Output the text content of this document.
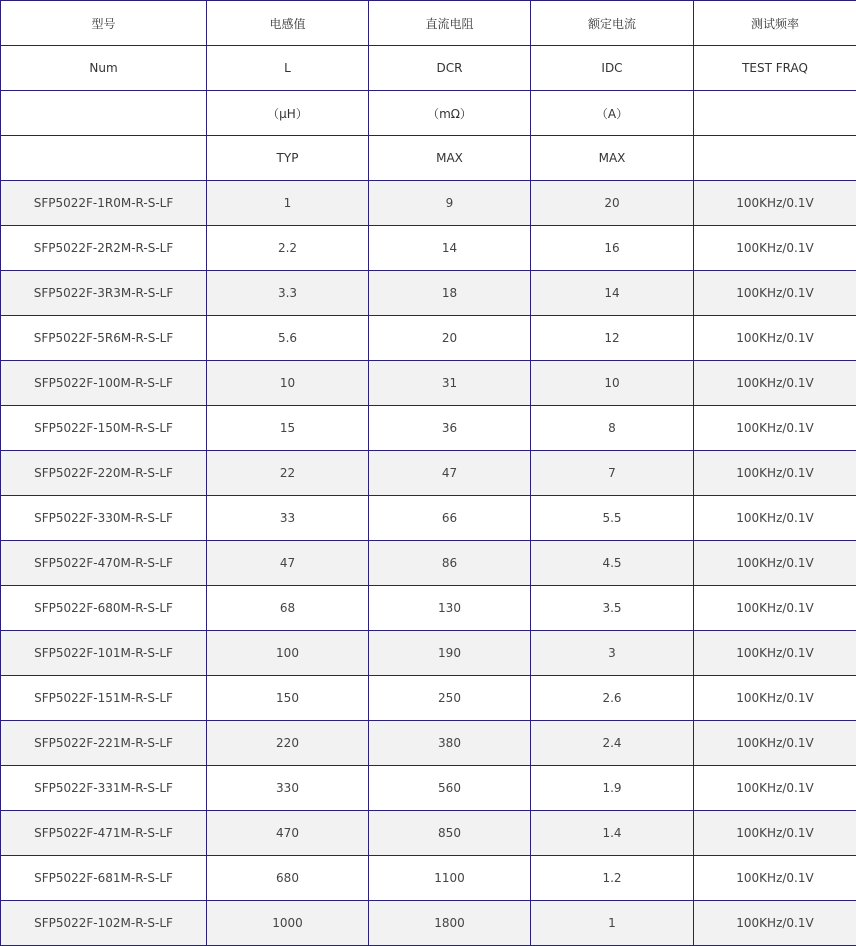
型号	电感值	直流电阻	额定电流	测试频率
Num	L	DCR	IDC	TEST FRAQ
	（μH）	（mΩ）	（A）	
	TYP	MAX	MAX	
SFP5022F-1R0M-R-S-LF	1	9	20	100KHz/0.1V
SFP5022F-2R2M-R-S-LF	2.2	14	16	100KHz/0.1V
SFP5022F-3R3M-R-S-LF	3.3	18	14	100KHz/0.1V
SFP5022F-5R6M-R-S-LF	5.6	20	12	100KHz/0.1V
SFP5022F-100M-R-S-LF	10	31	10	100KHz/0.1V
SFP5022F-150M-R-S-LF	15	36	8	100KHz/0.1V
SFP5022F-220M-R-S-LF	22	47	7	100KHz/0.1V
SFP5022F-330M-R-S-LF	33	66	5.5	100KHz/0.1V
SFP5022F-470M-R-S-LF	47	86	4.5	100KHz/0.1V
SFP5022F-680M-R-S-LF	68	130	3.5	100KHz/0.1V
SFP5022F-101M-R-S-LF	100	190	3	100KHz/0.1V
SFP5022F-151M-R-S-LF	150	250	2.6	100KHz/0.1V
SFP5022F-221M-R-S-LF	220	380	2.4	100KHz/0.1V
SFP5022F-331M-R-S-LF	330	560	1.9	100KHz/0.1V
SFP5022F-471M-R-S-LF	470	850	1.4	100KHz/0.1V
SFP5022F-681M-R-S-LF	680	1100	1.2	100KHz/0.1V
SFP5022F-102M-R-S-LF	1000	1800	1	100KHz/0.1V
